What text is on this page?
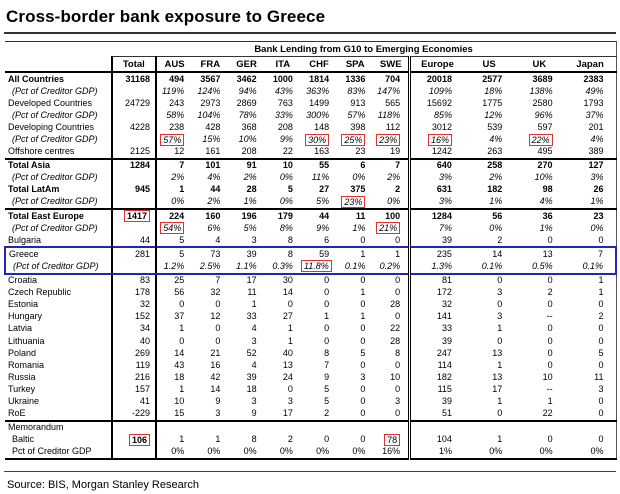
Cross-border bank exposure to Greece
	Bank Lending from G10 to Emerging Economies											
	Total	AUS	FRA	GER	ITA	CHF	SPA	SWE	Europe	US	UK	Japan
All Countries	31168	494	3567	3462	1000	1814	1336	704	20018	2577	3689	2383
(Pct of Creditor GDP)		119%	124%	94%	43%	363%	83%	147%	109%	18%	138%	49%
Developed Countries	24729	243	2973	2869	763	1499	913	565	15692	1775	2580	1793
(Pct of Creditor GDP)		58%	104%	78%	33%	300%	57%	118%	85%	12%	96%	37%
Developing Countries	4228	238	428	368	208	148	398	112	3012	539	597	201
(Pct of Creditor GDP)		57%	15%	10%	9%	30%	25%	23%	16%	4%	22%	4%
Offshore centres	2125	12	161	208	22	163	23	19	1242	263	495	389
Total Asia	1284	7	101	91	10	55	6	7	640	258	270	127
(Pct of Creditor GDP)		2%	4%	2%	0%	11%	0%	2%	3%	2%	10%	3%
Total LatAm	945	1	44	28	5	27	375	2	631	182	98	26
(Pct of Creditor GDP)		0%	2%	1%	0%	5%	23%	0%	3%	1%	4%	1%
Total East Europe	1417	224	160	196	179	44	11	100	1284	56	36	23
(Pct of Creditor GDP)		54%	6%	5%	8%	9%	1%	21%	7%	0%	1%	0%
Bulgaria	44	5	4	3	8	6	0	0	39	2	0	0
Greece	281	5	73	39	8	59	1	1	235	14	13	7
(Pct of Creditor GDP)		1.2%	2.5%	1.1%	0.3%	11.8%	0.1%	0.2%	1.3%	0.1%	0.5%	0.1%
Croatia	83	25	7	17	30	0	0	0	81	0	0	1
Czech Republic	178	56	32	11	14	0	1	0	172	3	2	1
Estonia	32	0	0	1	0	0	0	28	32	0	0	0
Hungary	152	37	12	33	27	1	1	0	141	3	--	2
Latvia	34	1	0	4	1	0	0	22	33	1	0	0
Lithuania	40	0	0	3	1	0	0	28	39	0	0	0
Poland	269	14	21	52	40	8	5	8	247	13	0	5
Romania	119	43	16	4	13	7	0	0	114	1	0	0
Russia	216	18	42	39	24	9	3	10	182	13	10	11
Turkey	157	1	14	18	0	5	0	0	115	17	--	3
Ukraine	41	10	9	3	3	5	0	3	39	1	1	0
RoE	-229	15	3	9	17	2	0	0	51	0	22	0
Memorandum												
Baltic	106	1	1	8	2	0	0	78	104	1	0	0
Pct of Creditor GDP		0%	0%	0%	0%	0%	0%	16%	1%	0%	0%	0%
Source: BIS, Morgan Stanley Research
